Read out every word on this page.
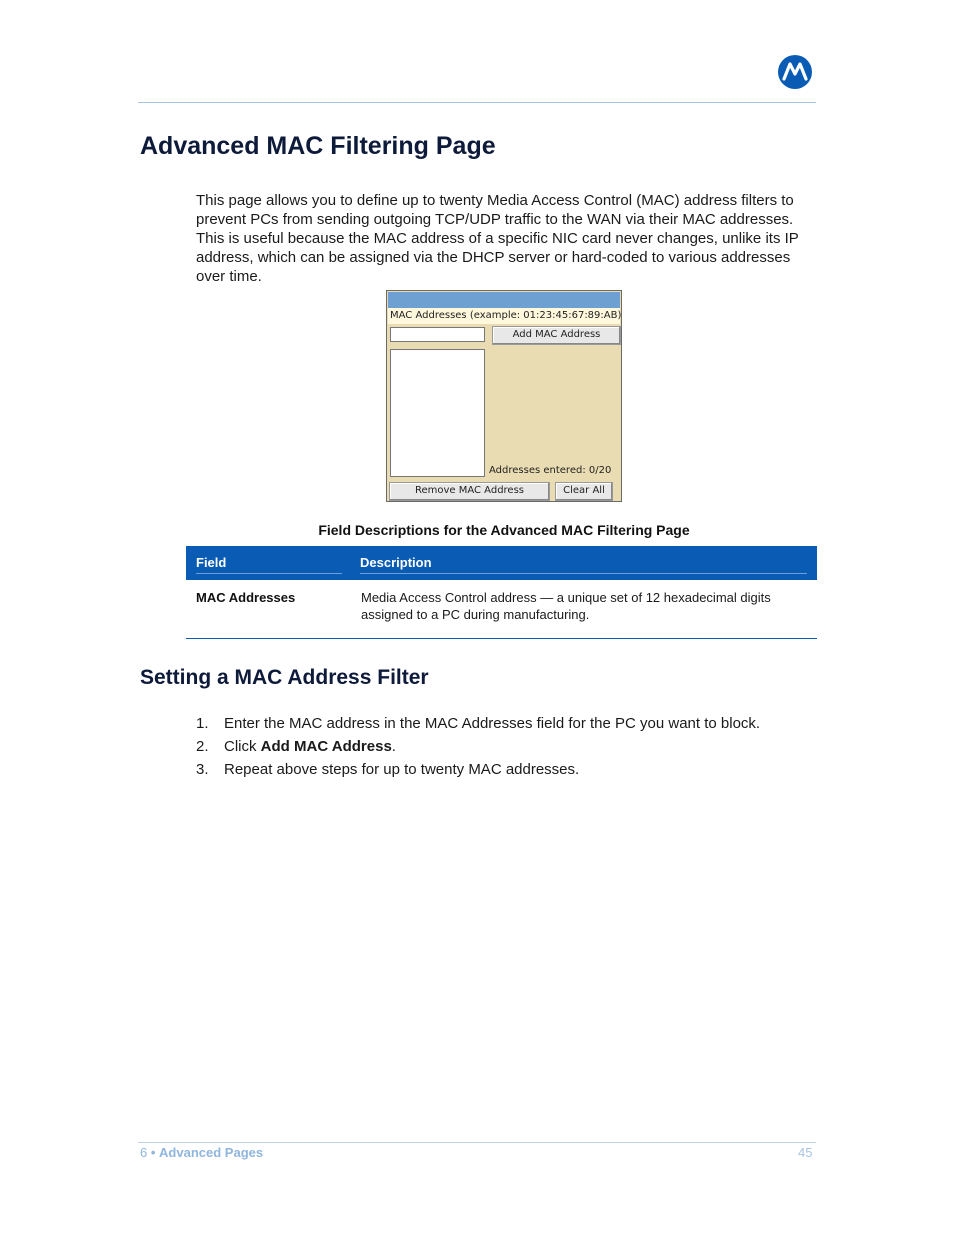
Advanced MAC Filtering Page

This page allows you to define up to twenty Media Access Control (MAC) address filters to prevent PCs from sending outgoing TCP/UDP traffic to the WAN via their MAC addresses. This is useful because the MAC address of a specific NIC card never changes, unlike its IP address, which can be assigned via the DHCP server or hard-coded to various addresses over time.

MAC Addresses (example: 01:23:45:67:89:AB)
Add MAC Address
Addresses entered: 0/20
Remove MAC Address	Clear All
Field Descriptions for the Advanced MAC Filtering Page
Field	Description
MAC Addresses	Media Access Control address — a unique set of 12 hexadecimal digits assigned to a PC during manufacturing.
Setting a MAC Address Filter
1.	Enter the MAC address in the MAC Addresses field for the PC you want to block.
2.	Click Add MAC Address.
3.	Repeat above steps for up to twenty MAC addresses.
6 • Advanced Pages	45
